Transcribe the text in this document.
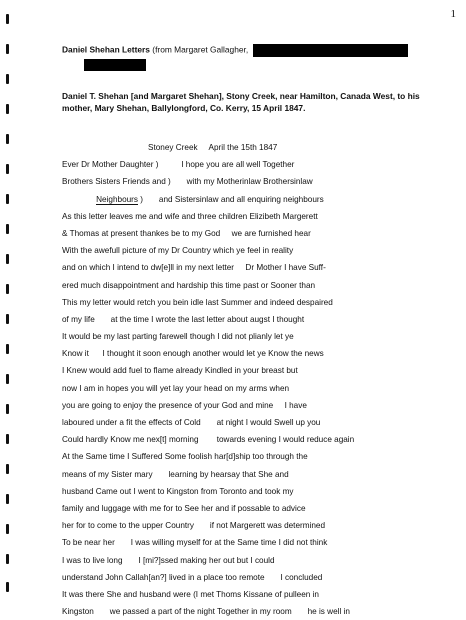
1
Daniel Shehan Letters (from Margaret Gallagher,
Daniel T. Shehan [and Margaret Shehan], Stony Creek, near Hamilton, Canada West, to his mother, Mary Shehan, Ballylongford, Co. Kerry, 15 April 1847.
Stoney Creek     April the 15th 1847
Ever Dr Mother Daughter )          I hope you are all well Together
Brothers Sisters Friends and )       with my Motherinlaw Brothersinlaw
Neighbours )       and Sistersinlaw and all enquiring neighbours
As this letter leaves me and wife and three children Elizibeth Margerett
& Thomas at present thankes be to my God     we are furnished hear
With the awefull picture of my Dr Country which ye feel in reality
and on which I intend to dw[e]ll in my next letter     Dr Mother I have Suff-
ered much disappointment and hardship this time past or Sooner than
This my letter would retch you bein idle last Summer and indeed despaired
of my life       at the time I wrote the last letter about augst I thought
It would be my last parting farewell though I did not plianly let ye
Know it      I thought it soon enough another would let ye Know the news
I Knew would add fuel to flame already Kindled in your breast but
now I am in hopes you will yet lay your head on my arms when
you are going to enjoy the presence of your God and mine     I have
laboured under a fit the effects of Cold       at night I would Swell up you
Could hardly Know me nex[t] morning        towards evening I would reduce again
At the Same time I Suffered Some foolish har[d]ship too through the
means of my Sister mary       learning by hearsay that She and
husband Came out I went to Kingston from Toronto and took my
family and luggage with me for to See her and if possable to advice
her for to come to the upper Country       if not Margerett was determined
To be near her       I was willing myself for at the Same time I did not think
I was to live long       I [mi?]ssed making her out but I could
understand John Callah[an?] lived in a place too remote       I concluded
It was there She and husband were (I met Thoms Kissane of pulleen in
Kingston       we passed a part of the night Together in my room       he is well in
